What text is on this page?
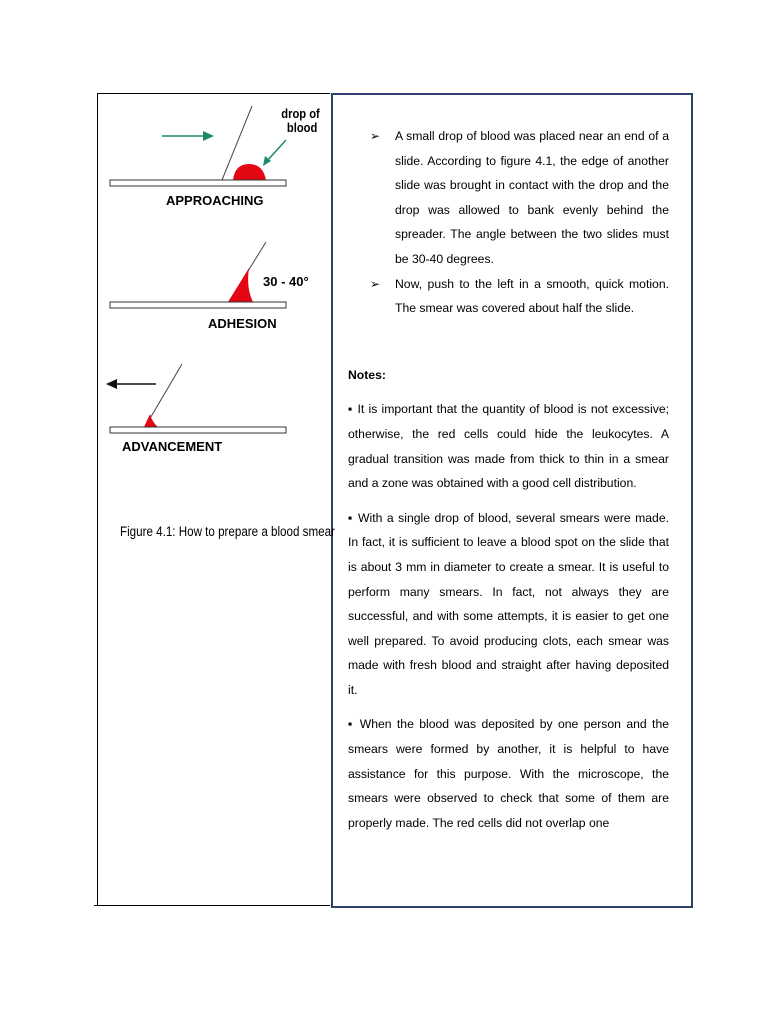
drop of blood
APPROACHING
30 - 40°
ADHESION
ADVANCEMENT
Figure 4.1: How to prepare a blood smear
➢ A small drop of blood was placed near an end of a slide. According to figure 4.1, the edge of another slide was brought in contact with the drop and the drop was allowed to bank evenly behind the spreader. The angle between the two slides must be 30-40 degrees.
➢ Now, push to the left in a smooth, quick motion. The smear was covered about half the slide.
Notes:

▪ It is important that the quantity of blood is not excessive; otherwise, the red cells could hide the leukocytes. A gradual transition was made from thick to thin in a smear and a zone was obtained with a good cell distribution.

▪ With a single drop of blood, several smears were made. In fact, it is sufficient to leave a blood spot on the slide that is about 3 mm in diameter to create a smear. It is useful to perform many smears. In fact, not always they are successful, and with some attempts, it is easier to get one well prepared. To avoid producing clots, each smear was made with fresh blood and straight after having deposited it.

▪ When the blood was deposited by one person and the smears were formed by another, it is helpful to have assistance for this purpose. With the microscope, the smears were observed to check that some of them are properly made. The red cells did not overlap one
